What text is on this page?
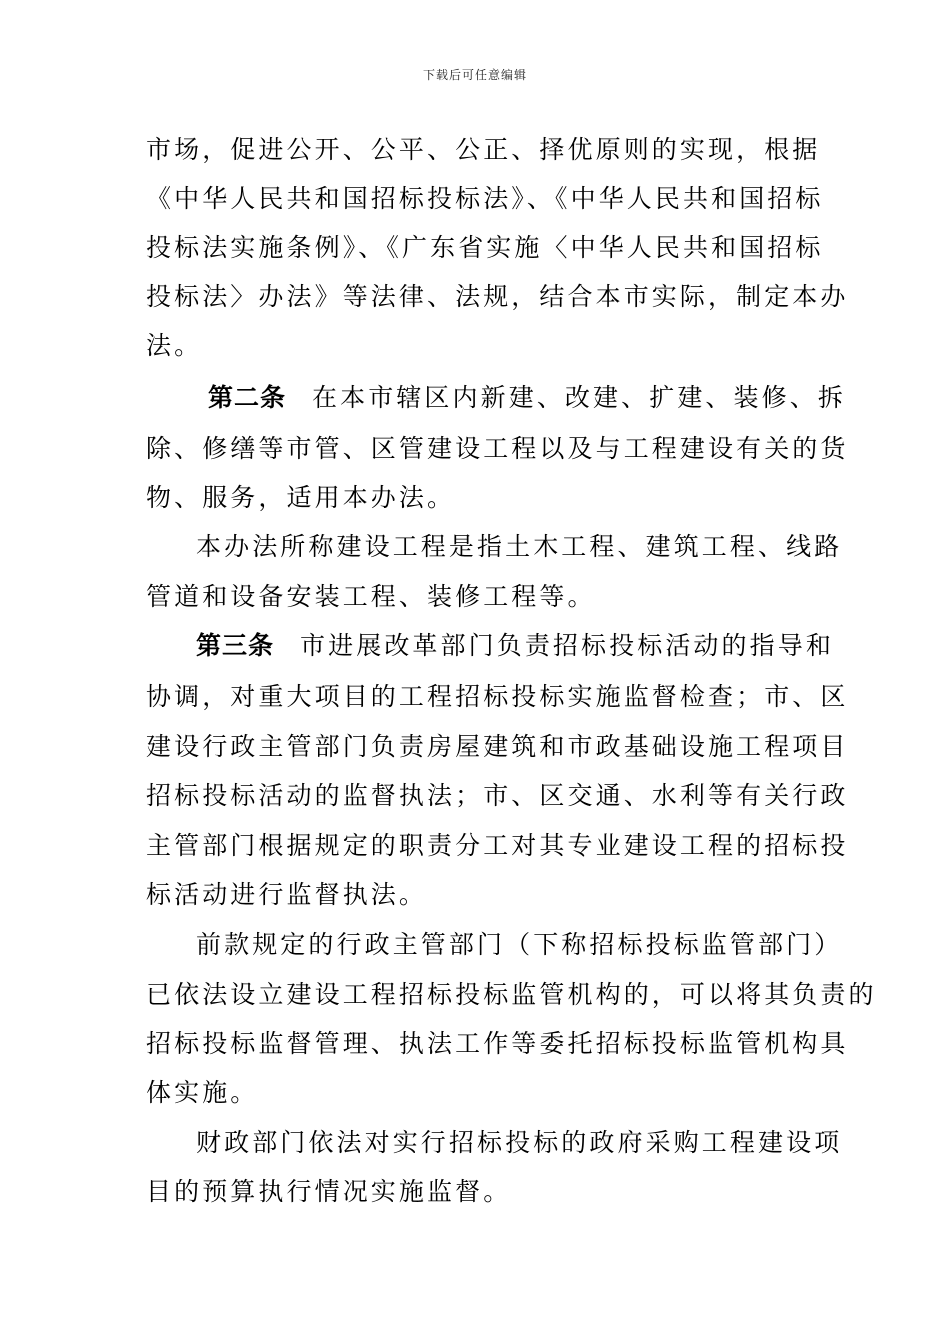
下载后可任意编辑
市场，促进公开、公平、公正、择优原则的实现，根据
《中华人民共和国招标投标法》、《中华人民共和国招标
投标法实施条例》、《广东省实施〈中华人民共和国招标
投标法〉办法》等法律、法规，结合本市实际，制定本办
法。
第二条 在本市辖区内新建、改建、扩建、装修、拆
除、修缮等市管、区管建设工程以及与工程建设有关的货
物、服务，适用本办法。
本办法所称建设工程是指土木工程、建筑工程、线路
管道和设备安装工程、装修工程等。
第三条 市进展改革部门负责招标投标活动的指导和
协调，对重大项目的工程招标投标实施监督检查；市、区
建设行政主管部门负责房屋建筑和市政基础设施工程项目
招标投标活动的监督执法；市、区交通、水利等有关行政
主管部门根据规定的职责分工对其专业建设工程的招标投
标活动进行监督执法。
前款规定的行政主管部门（下称招标投标监管部门）
已依法设立建设工程招标投标监管机构的，可以将其负责的
招标投标监督管理、执法工作等委托招标投标监管机构具
体实施。
财政部门依法对实行招标投标的政府采购工程建设项
目的预算执行情况实施监督。
